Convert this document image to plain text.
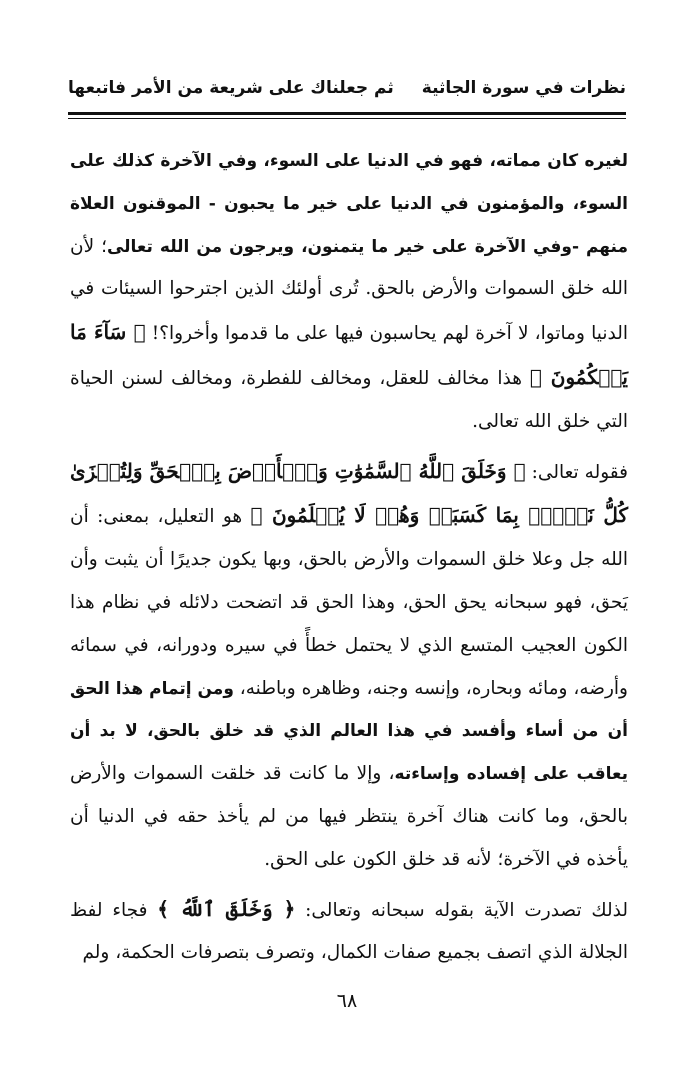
نظرات في سورة الجاثية
ثم جعلناك على شريعة من الأمر فاتبعها

لغيره كان مماته، فهو في الدنيا على السوء، وفي الآخرة كذلك على السوء، والمؤمنون في الدنيا على خير ما يحبون - الموقنون العلاة منهم -وفي الآخرة على خير ما يتمنون، ويرجون من الله تعالى؛ لأن الله خلق السموات والأرض بالحق. تُرى أولئك الذين اجترحوا السيئات في الدنيا وماتوا، لا آخرة لهم يحاسبون فيها على ما قدموا وأخروا؟! ﴿ سَآءَ مَا يَحۡكُمُونَ ﴾ هذا مخالف للعقل، ومخالف للفطرة، ومخالف لسنن الحياة التي خلق الله تعالى.

فقوله تعالى: ﴿ وَخَلَقَ ٱللَّهُ ٱلسَّمَٰوَٰتِ وَٱلۡأَرۡضَ بِٱلۡحَقِّ وَلِتُجۡزَىٰ كُلُّ نَفۡسِۭ بِمَا كَسَبَتۡ وَهُمۡ لَا يُظۡلَمُونَ ﴾ هو التعليل، بمعنى: أن الله جل وعلا خلق السموات والأرض بالحق، وبها يكون جديرًا أن يثبت وأن يَحق، فهو سبحانه يحق الحق، وهذا الحق قد اتضحت دلائله في نظام هذا الكون العجيب المتسع الذي لا يحتمل خطأً في سيره ودورانه، في سمائه وأرضه، ومائه وبحاره، وإنسه وجنه، وظاهره وباطنه، ومن إتمام هذا الحق أن من أساء وأفسد في هذا العالم الذي قد خلق بالحق، لا بد أن يعاقب على إفساده وإساءته، وإلا ما كانت قد خلقت السموات والأرض بالحق، وما كانت هناك آخرة ينتظر فيها من لم يأخذ حقه في الدنيا أن يأخذه في الآخرة؛ لأنه قد خلق الكون على الحق.

لذلك تصدرت الآية بقوله سبحانه وتعالى: ﴿ وَخَلَقَ ٱللَّهُ ﴾ فجاء لفظ الجلالة الذي اتصف بجميع صفات الكمال، وتصرف بتصرفات الحكمة، ولم

٦٨
